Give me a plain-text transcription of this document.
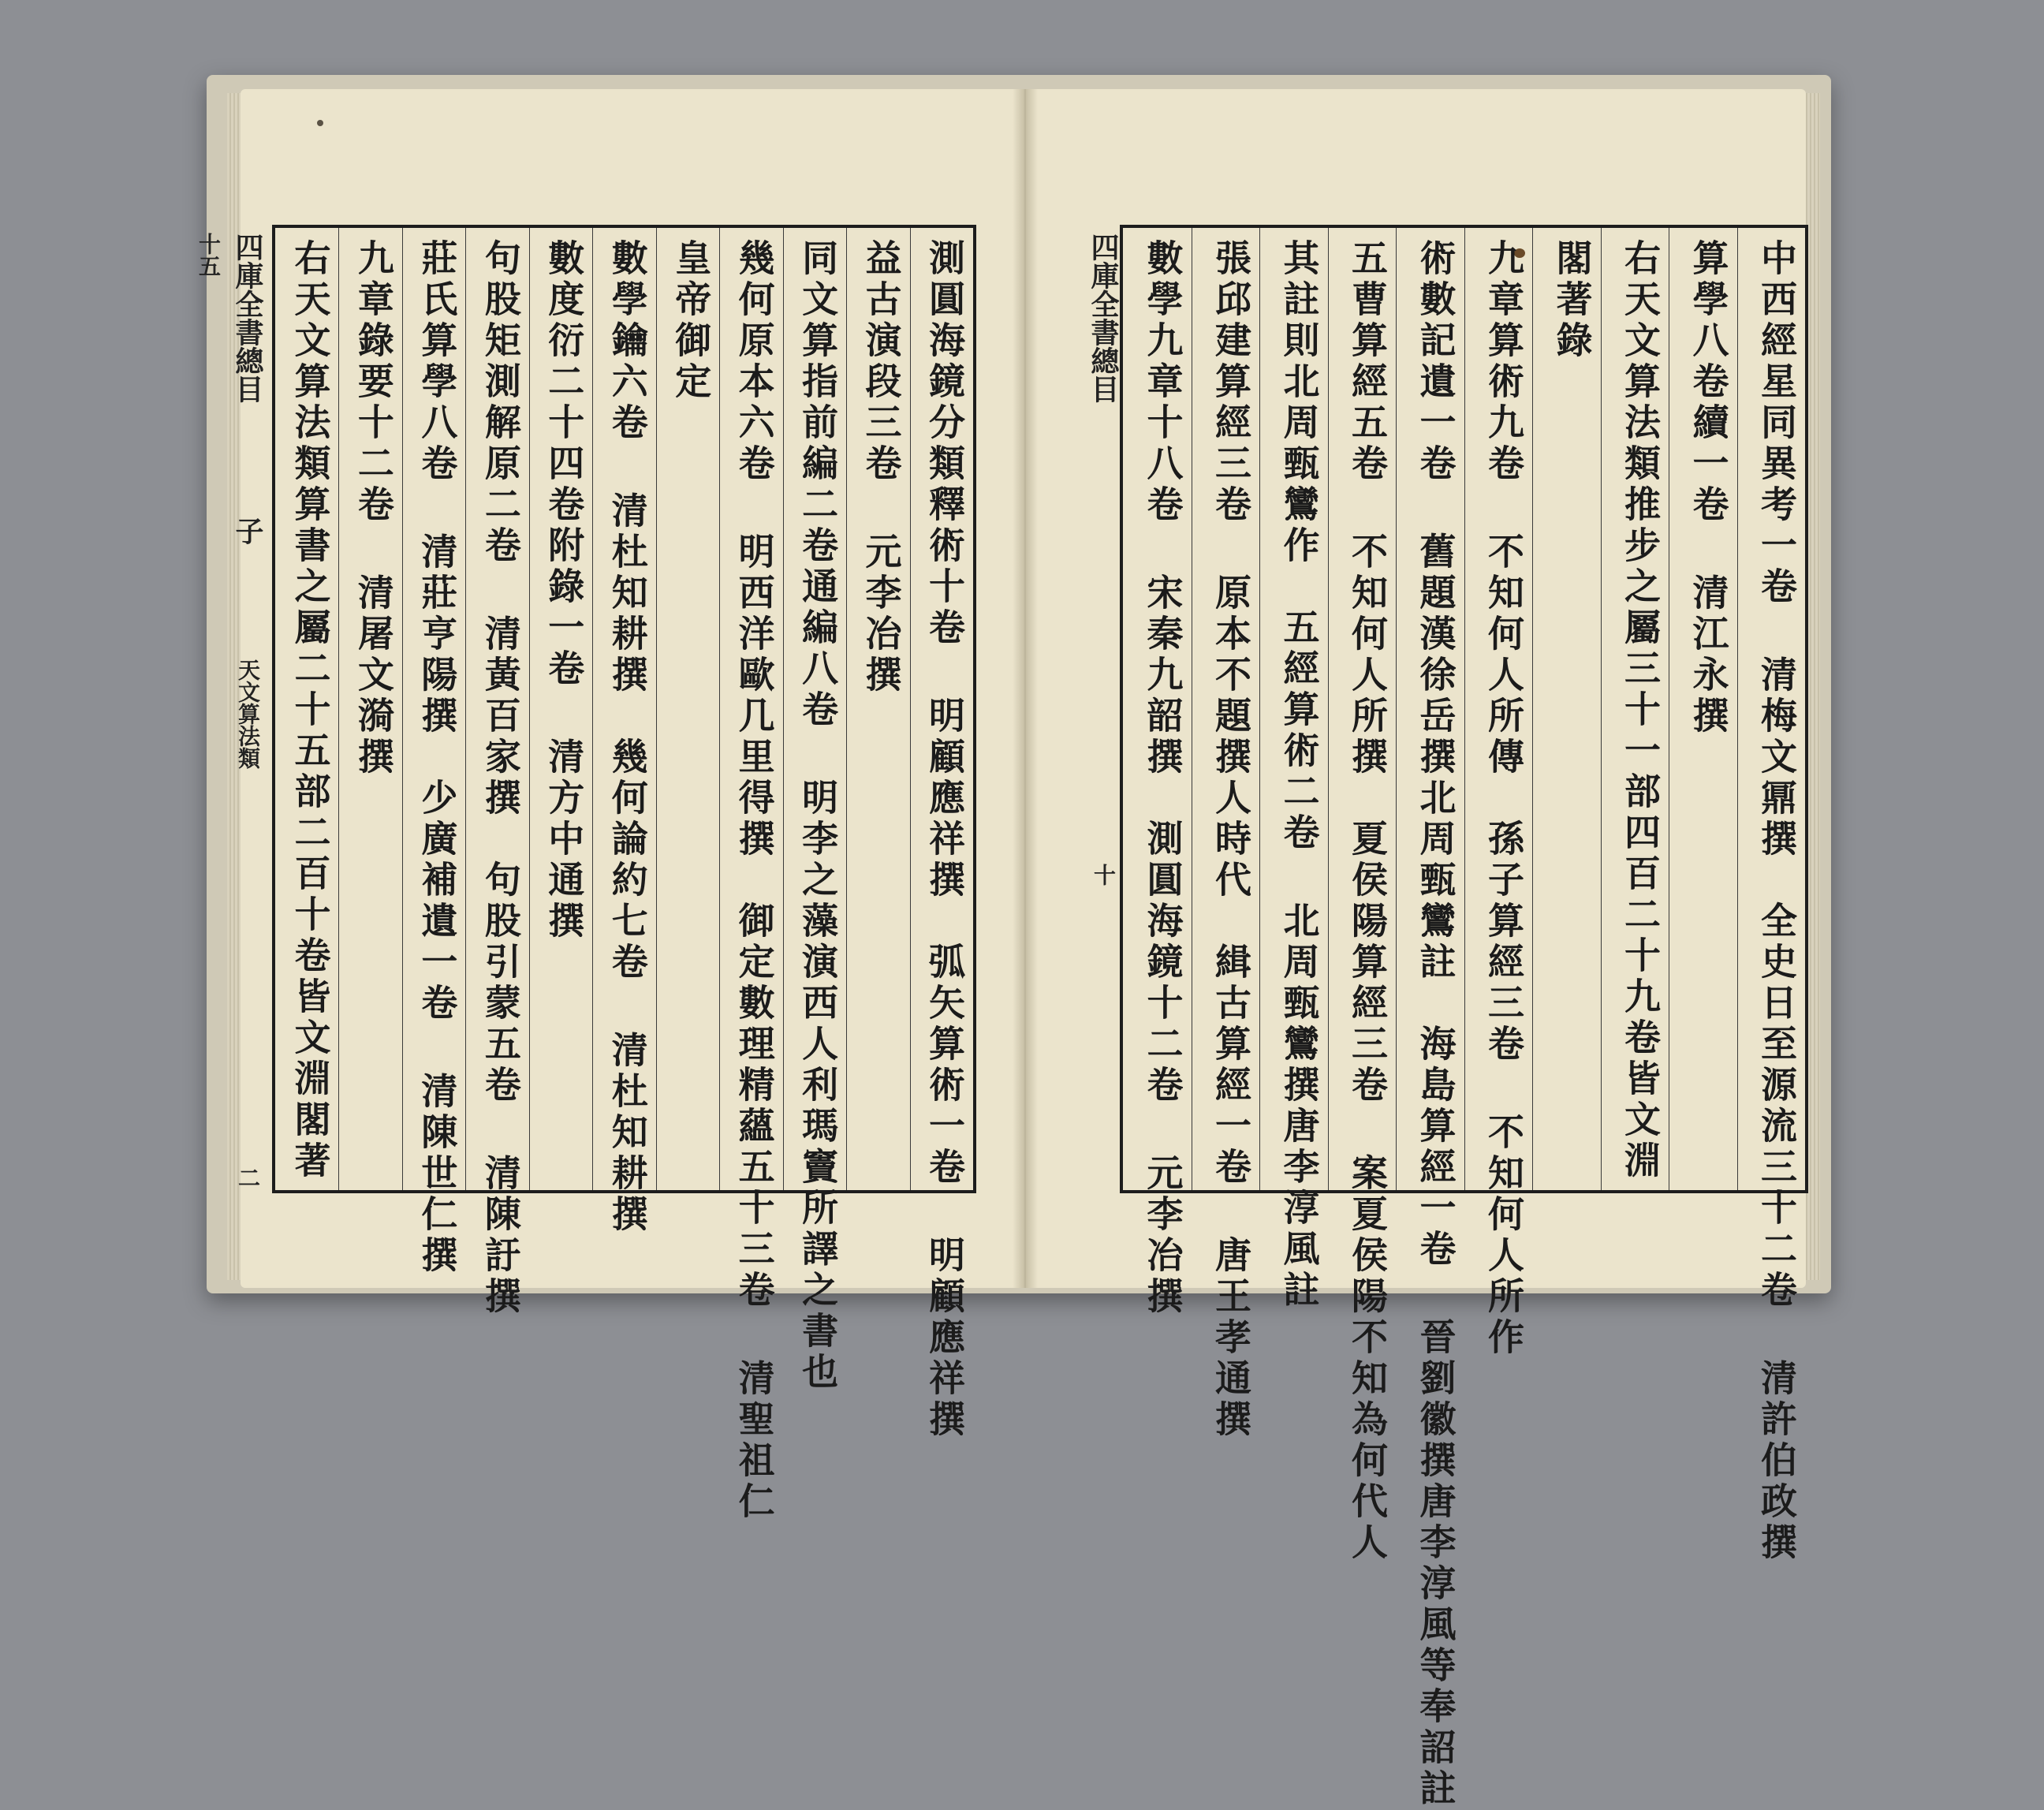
四庫全書總目  子  天文算法類  二十五	測圓海鏡分類釋術十卷 明顧應祥撰　弧矢算術一卷 明顧應祥撰
益古演段三卷 元李冶撰
同文算指前編二卷通編八卷 明李之藻演西人利瑪竇所譯之書也
幾何原本六卷 明西洋歐几里得撰　御定數理精蘊五十三卷 清聖祖仁
皇帝御定
數學鑰六卷 清杜知耕撰　幾何論約七卷 清杜知耕撰
數度衍二十四卷附錄一卷 清方中通撰
句股矩測解原二卷 清黃百家撰　句股引蒙五卷 清陳訏撰
莊氏算學八卷 清莊亨陽撰　少廣補遺一卷 清陳世仁撰
九章錄要十二卷 清屠文漪撰
右天文算法類算書之屬二十五部二百十卷皆文淵閣著	四庫全書總目  十	中西經星同異考一卷 清梅文鼏撰　全史日至源流三十二卷 清許伯政撰
算學八卷續一卷 清江永撰
右天文算法類推步之屬三十一部四百二十九卷皆文淵
閣著錄
九章算術九卷 不知何人所傳　孫子算經三卷 不知何人所作
術數記遺一卷 舊題漢徐岳撰北周甄鸞註　海島算經一卷 晉劉徽撰唐李淳風等奉詔註
五曹算經五卷 不知何人所撰　夏侯陽算經三卷 案夏侯陽不知為何代人
其註則北周甄鸞作　五經算術二卷 北周甄鸞撰唐李淳風註
張邱建算經三卷 原本不題撰人時代　緝古算經一卷 唐王孝通撰
數學九章十八卷 宋秦九韶撰　測圓海鏡十二卷 元李冶撰
